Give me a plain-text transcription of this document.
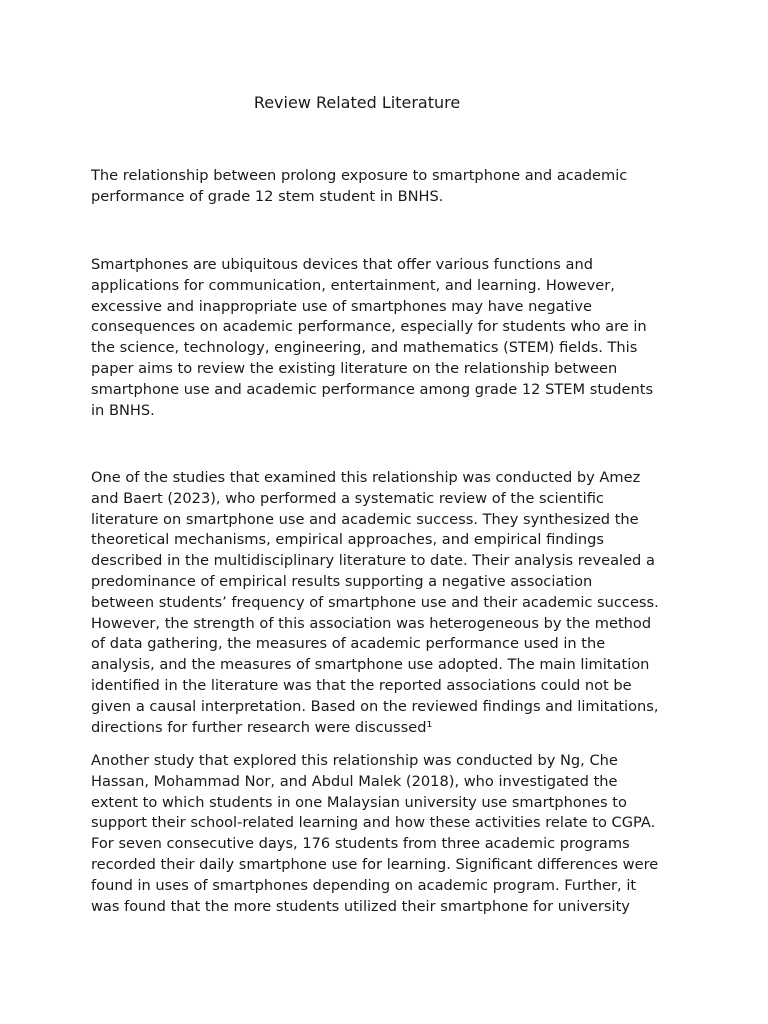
Review Related Literature

The relationship between prolong exposure to smartphone and academic
performance of grade 12 stem student in BNHS.

Smartphones are ubiquitous devices that offer various functions and
applications for communication, entertainment, and learning. However,
excessive and inappropriate use of smartphones may have negative
consequences on academic performance, especially for students who are in
the science, technology, engineering, and mathematics (STEM) fields. This
paper aims to review the existing literature on the relationship between
smartphone use and academic performance among grade 12 STEM students
in BNHS.

One of the studies that examined this relationship was conducted by Amez
and Baert (2023), who performed a systematic review of the scientific
literature on smartphone use and academic success. They synthesized the
theoretical mechanisms, empirical approaches, and empirical findings
described in the multidisciplinary literature to date. Their analysis revealed a
predominance of empirical results supporting a negative association
between students’ frequency of smartphone use and their academic success.
However, the strength of this association was heterogeneous by the method
of data gathering, the measures of academic performance used in the
analysis, and the measures of smartphone use adopted. The main limitation
identified in the literature was that the reported associations could not be
given a causal interpretation. Based on the reviewed findings and limitations,
directions for further research were discussed¹

Another study that explored this relationship was conducted by Ng, Che
Hassan, Mohammad Nor, and Abdul Malek (2018), who investigated the
extent to which students in one Malaysian university use smartphones to
support their school-related learning and how these activities relate to CGPA.
For seven consecutive days, 176 students from three academic programs
recorded their daily smartphone use for learning. Significant differences were
found in uses of smartphones depending on academic program. Further, it
was found that the more students utilized their smartphone for university
